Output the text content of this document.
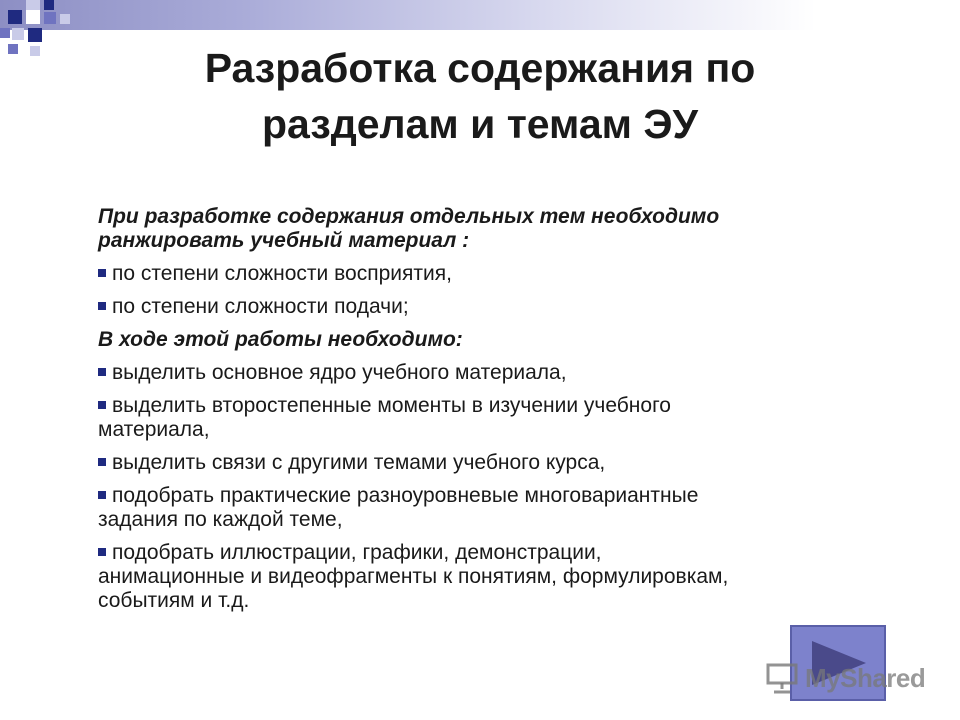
Разработка содержания по
разделам и темам ЭУ
При разработке содержания отдельных тем необходимо
ранжировать учебный материал :
по степени сложности восприятия,
по степени сложности подачи;
В ходе этой работы необходимо:
выделить основное ядро учебного материала,
выделить второстепенные моменты в изучении учебного
материала,
выделить связи с другими темами учебного курса,
подобрать практические разноуровневые многовариантные
задания по каждой теме,
подобрать иллюстрации, графики, демонстрации,
анимационные и видеофрагменты к понятиям, формулировкам,
событиям и т.д.
MyShared
